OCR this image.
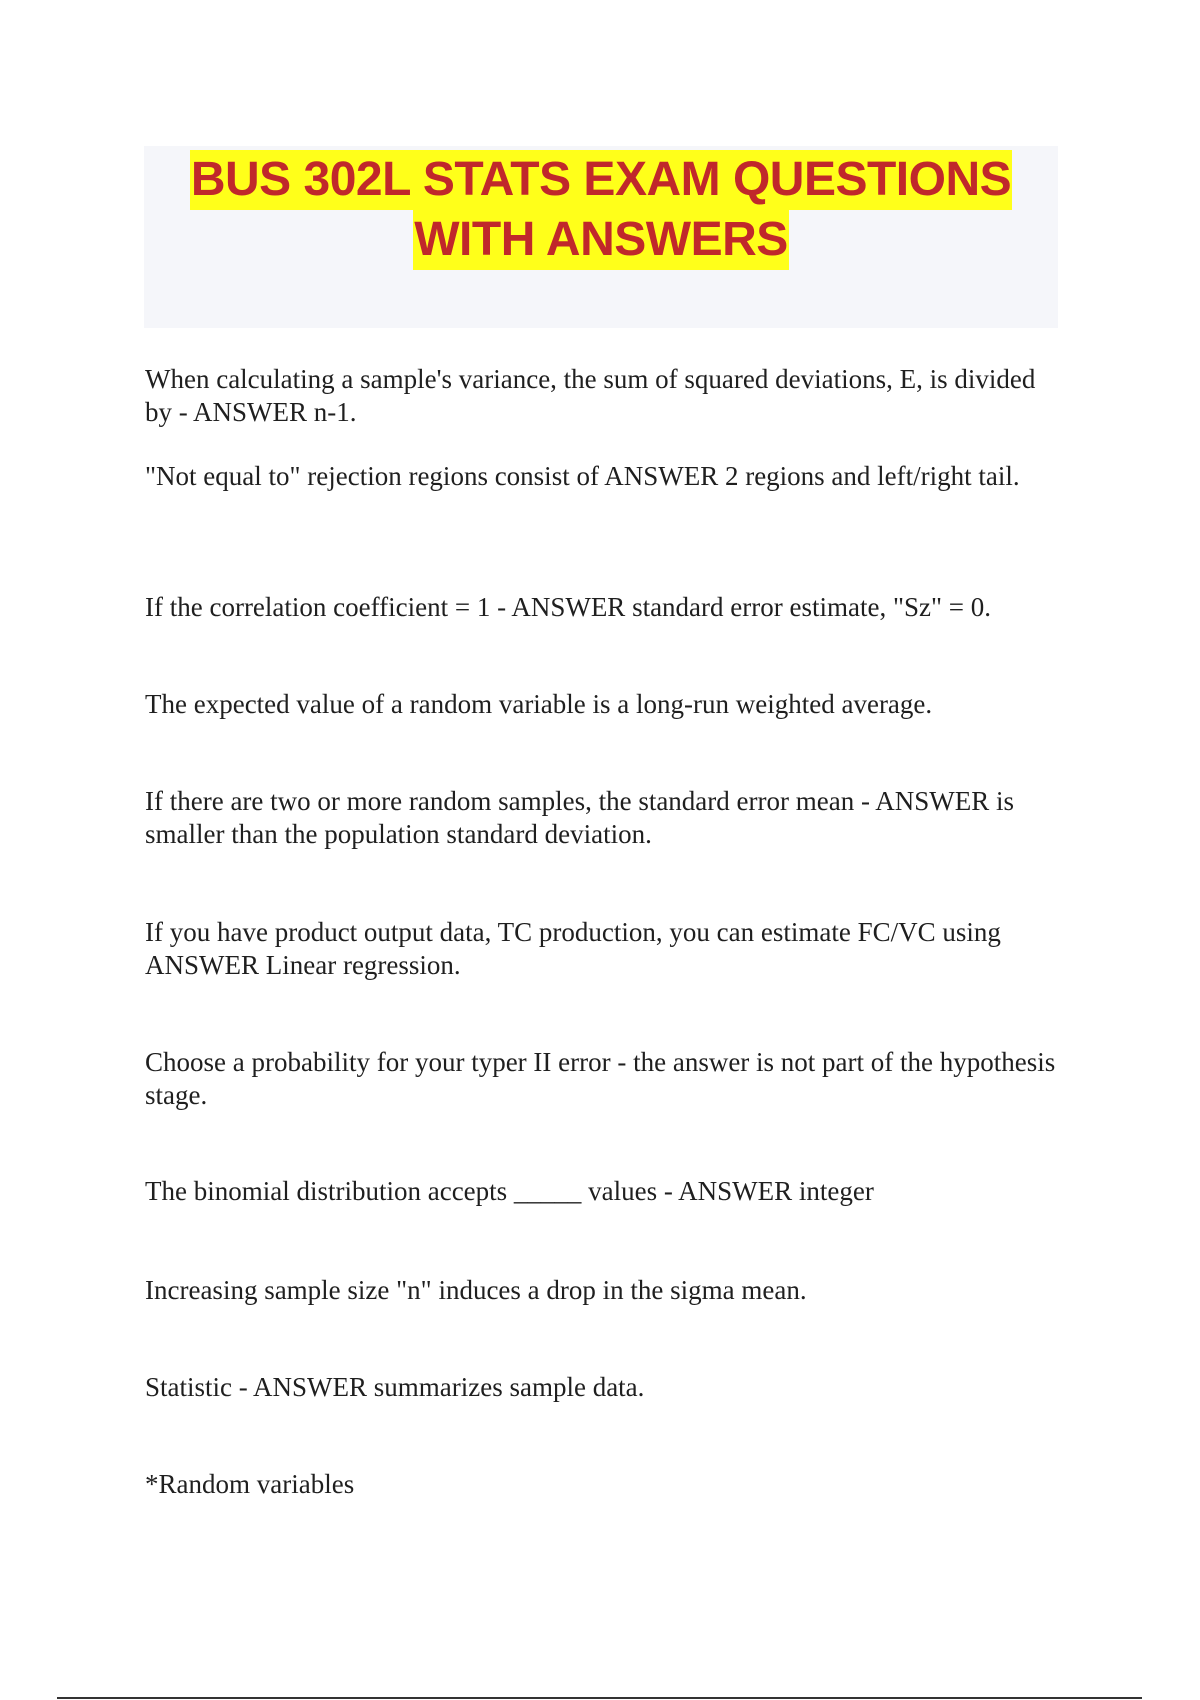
BUS 302L STATS EXAM QUESTIONS
WITH ANSWERS

When calculating a sample's variance, the sum of squared deviations, E, is divided by - ANSWER n-1.

"Not equal to" rejection regions consist of ANSWER 2 regions and left/right tail.

If the correlation coefficient = 1 - ANSWER standard error estimate, "Sz" = 0.

The expected value of a random variable is a long-run weighted average.

If there are two or more random samples, the standard error mean - ANSWER is smaller than the population standard deviation.

If you have product output data, TC production, you can estimate FC/VC using ANSWER Linear regression.

Choose a probability for your typer II error - the answer is not part of the hypothesis stage.

The binomial distribution accepts _____ values - ANSWER integer

Increasing sample size "n" induces a drop in the sigma mean.

Statistic - ANSWER summarizes sample data.

*Random variables
